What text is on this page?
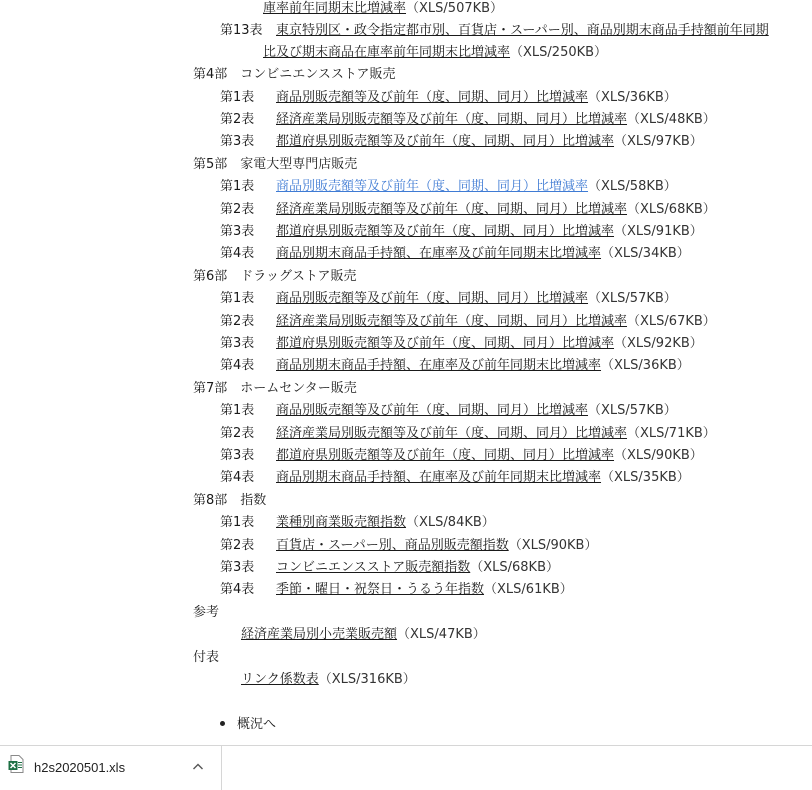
庫率前年同期末比増減率（XLS/507KB）
第13表 東京特別区・政令指定都市別、百貨店・スーパー別、商品別期末商品手持額前年同期
比及び期末商品在庫率前年同期末比増減率（XLS/250KB）
第4部　コンビニエンスストア販売
第1表 商品別販売額等及び前年（度、同期、同月）比増減率（XLS/36KB）
第2表 経済産業局別販売額等及び前年（度、同期、同月）比増減率（XLS/48KB）
第3表 都道府県別販売額等及び前年（度、同期、同月）比増減率（XLS/97KB）
第5部　家電大型専門店販売
第1表 商品別販売額等及び前年（度、同期、同月）比増減率（XLS/58KB）
第2表 経済産業局別販売額等及び前年（度、同期、同月）比増減率（XLS/68KB）
第3表 都道府県別販売額等及び前年（度、同期、同月）比増減率（XLS/91KB）
第4表 商品別期末商品手持額、在庫率及び前年同期末比増減率（XLS/34KB）
第6部　ドラッグストア販売
第1表 商品別販売額等及び前年（度、同期、同月）比増減率（XLS/57KB）
第2表 経済産業局別販売額等及び前年（度、同期、同月）比増減率（XLS/67KB）
第3表 都道府県別販売額等及び前年（度、同期、同月）比増減率（XLS/92KB）
第4表 商品別期末商品手持額、在庫率及び前年同期末比増減率（XLS/36KB）
第7部　ホームセンター販売
第1表 商品別販売額等及び前年（度、同期、同月）比増減率（XLS/57KB）
第2表 経済産業局別販売額等及び前年（度、同期、同月）比増減率（XLS/71KB）
第3表 都道府県別販売額等及び前年（度、同期、同月）比増減率（XLS/90KB）
第4表 商品別期末商品手持額、在庫率及び前年同期末比増減率（XLS/35KB）
第8部　指数
第1表 業種別商業販売額指数（XLS/84KB）
第2表 百貨店・スーパー別、商品別販売額指数（XLS/90KB）
第3表 コンビニエンスストア販売額指数（XLS/68KB）
第4表 季節・曜日・祝祭日・うるう年指数（XLS/61KB）
参考
経済産業局別小売業販売額（XLS/47KB）
付表
リンク係数表（XLS/316KB）
概況へ
h2s2020501.xls
